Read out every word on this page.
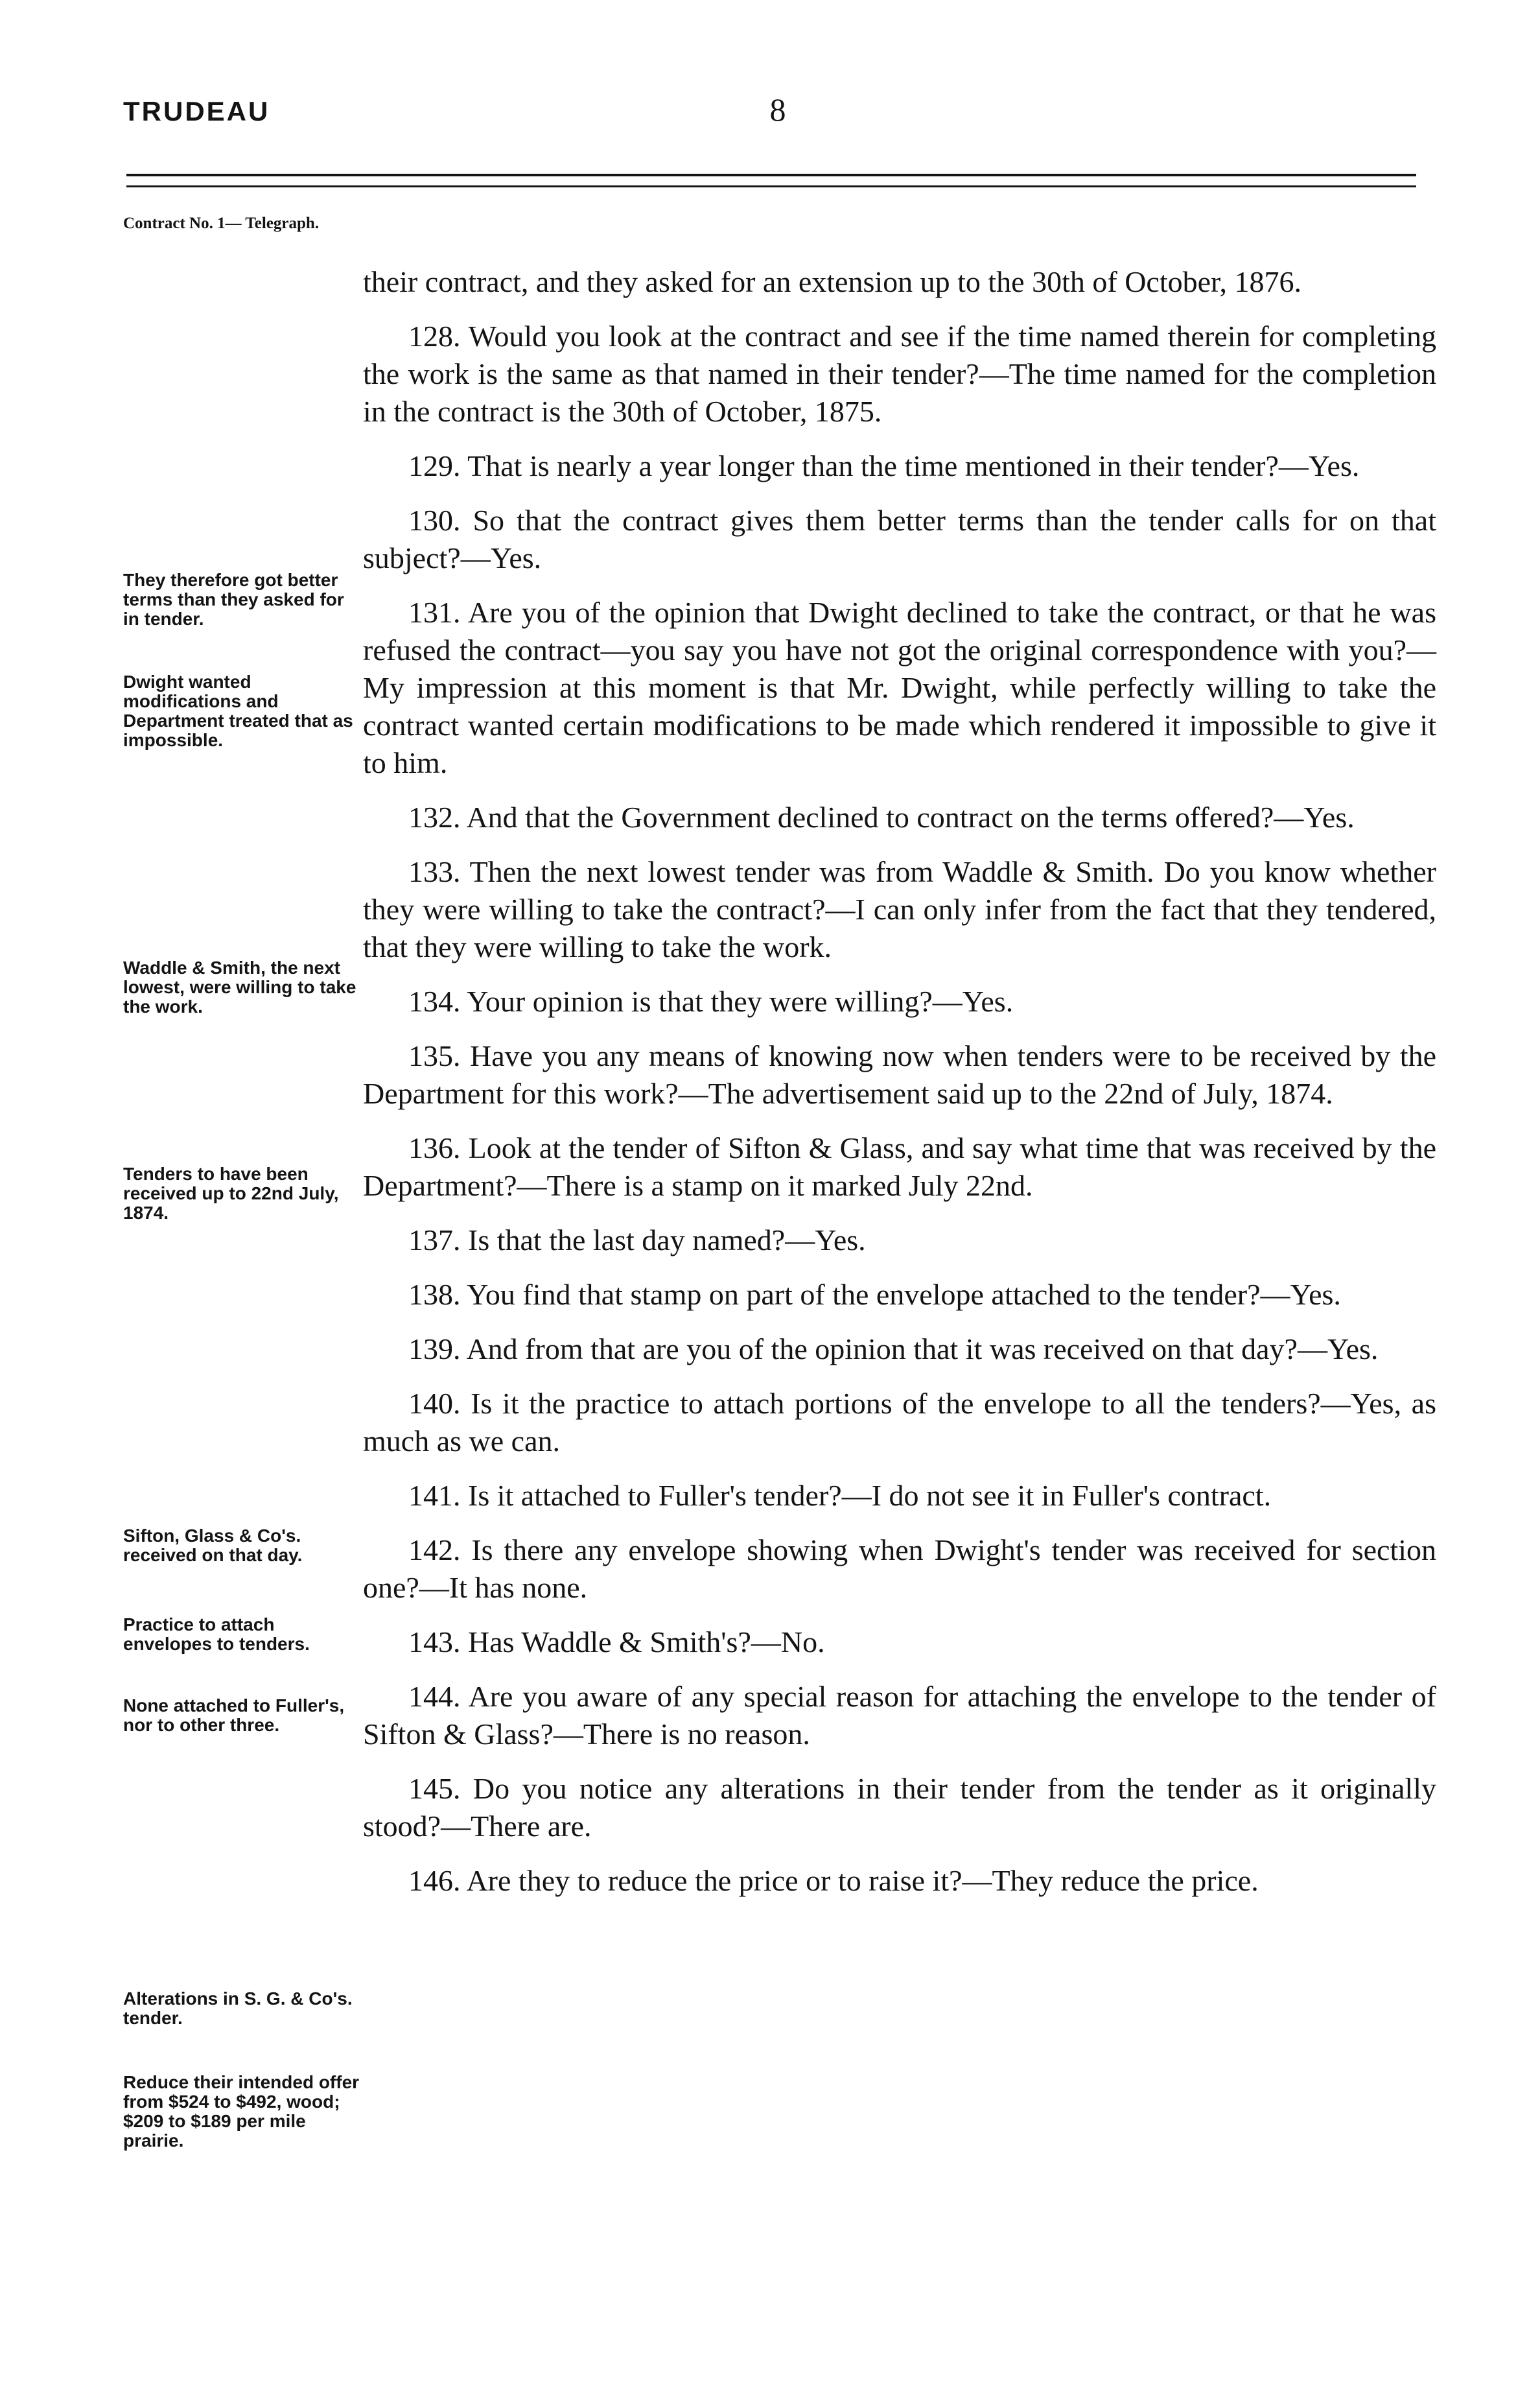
TRUDEAU	8
Contract No. 1— Telegraph.

their contract, and they asked for an extension up to the 30th of October, 1876.

128. Would you look at the contract and see if the time named therein for completing the work is the same as that named in their tender?—The time named for the completion in the contract is the 30th of October, 1875.

129. That is nearly a year longer than the time mentioned in their tender?—Yes.

130. So that the contract gives them better terms than the tender calls for on that subject?—Yes.

131. Are you of the opinion that Dwight declined to take the contract, or that he was refused the contract—you say you have not got the original correspondence with you?—My impression at this moment is that Mr. Dwight, while perfectly willing to take the contract wanted certain modifications to be made which rendered it impossible to give it to him.

132. And that the Government declined to contract on the terms offered?—Yes.

133. Then the next lowest tender was from Waddle & Smith. Do you know whether they were willing to take the contract?—I can only infer from the fact that they tendered, that they were willing to take the work.

134. Your opinion is that they were willing?—Yes.

135. Have you any means of knowing now when tenders were to be received by the Department for this work?—The advertisement said up to the 22nd of July, 1874.

136. Look at the tender of Sifton & Glass, and say what time that was received by the Department?—There is a stamp on it marked July 22nd.

137. Is that the last day named?—Yes.

138. You find that stamp on part of the envelope attached to the tender?—Yes.

139. And from that are you of the opinion that it was received on that day?—Yes.

140. Is it the practice to attach portions of the envelope to all the tenders?—Yes, as much as we can.

141. Is it attached to Fuller's tender?—I do not see it in Fuller's contract.

142. Is there any envelope showing when Dwight's tender was received for section one?—It has none.

143. Has Waddle & Smith's?—No.

144. Are you aware of any special reason for attaching the envelope to the tender of Sifton & Glass?—There is no reason.

145. Do you notice any alterations in their tender from the tender as it originally stood?—There are.

146. Are they to reduce the price or to raise it?—They reduce the price.

They therefore got better terms than they asked for in tender.
Dwight wanted modifications and Department treated that as impossible.
Waddle & Smith, the next lowest, were willing to take the work.
Tenders to have been received up to 22nd July, 1874.
Sifton, Glass & Co's. received on that day.
Practice to attach envelopes to tenders.
None attached to Fuller's, nor to other three.
Alterations in S. G. & Co's. tender.
Reduce their intended offer from $524 to $492, wood; $209 to $189 per mile prairie.
